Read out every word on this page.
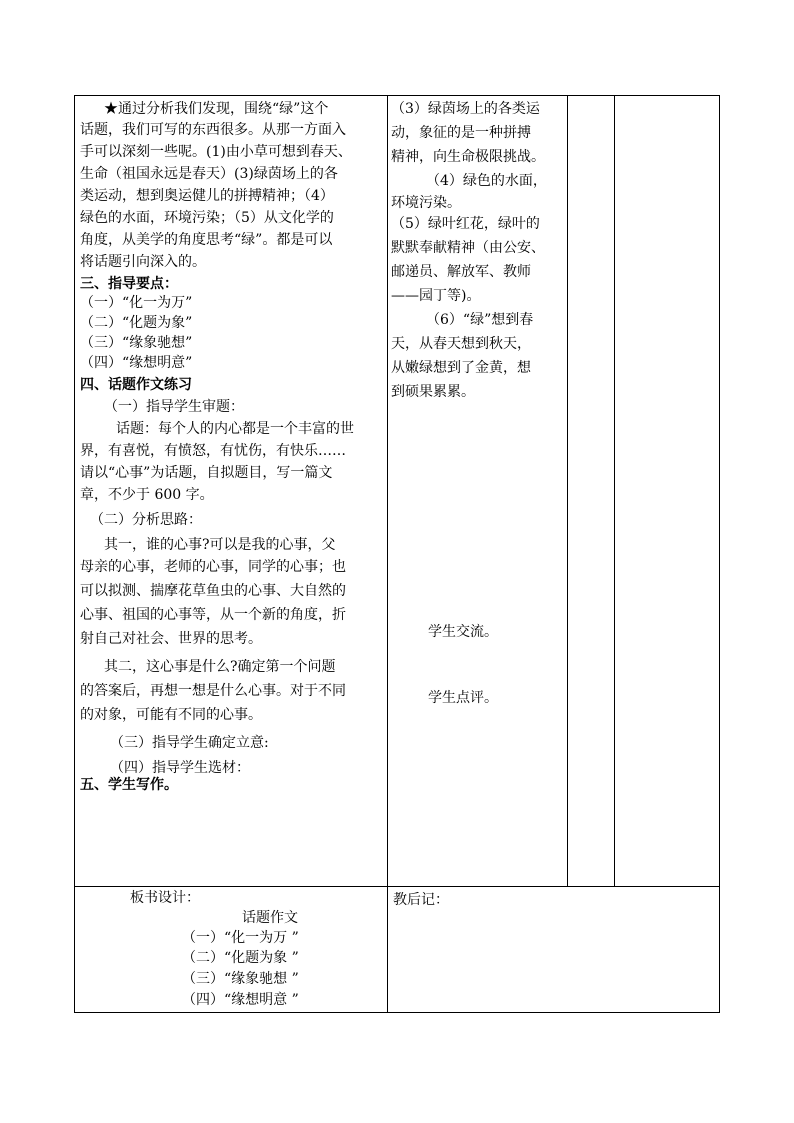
★通过分析我们发现，围绕“绿”这个
话题，我们可写的东西很多。从那一方面入
手可以深刻一些呢。(1)由小草可想到春天、
生命（祖国永远是春天）(3)绿茵场上的各
类运动，想到奥运健儿的拼搏精神；（4）
绿色的水面，环境污染；（5）从文化学的
角度，从美学的角度思考“绿”。都是可以
将话题引向深入的。
三、指导要点：
（一）“化一为万”
（二）“化题为象”
（三）“缘象驰想”
（四）“缘想明意”
四、话题作文练习
（一）指导学生审题：
话题：每个人的内心都是一个丰富的世
界，有喜悦，有愤怒，有忧伤，有快乐……
请以“心事”为话题，自拟题目，写一篇文
章，不少于 600 字。
（二）分析思路：
其一，谁的心事?可以是我的心事，父
母亲的心事，老师的心事，同学的心事；也
可以拟测、揣摩花草鱼虫的心事、大自然的
心事、祖国的心事等，从一个新的角度，折
射自己对社会、世界的思考。
其二，这心事是什么?确定第一个问题
的答案后，再想一想是什么心事。对于不同
的对象，可能有不同的心事。
（三）指导学生确定立意:
（四）指导学生选材：
五、学生写作。
（3）绿茵场上的各类运
动，象征的是一种拼搏
精神，向生命极限挑战。
（4）绿色的水面，
环境污染。
（5）绿叶红花，绿叶的
默默奉献精神（由公安、
邮递员、解放军、教师
——园丁等)。
（6）“绿”想到春
天，从春天想到秋天，
从嫩绿想到了金黄，想
到硕果累累。
学生交流。
学生点评。
板书设计：
话题作文
（一）“化一为万 ”
（二）“化题为象 ”
（三）“缘象驰想 ”
（四）“缘想明意 ”
教后记：
